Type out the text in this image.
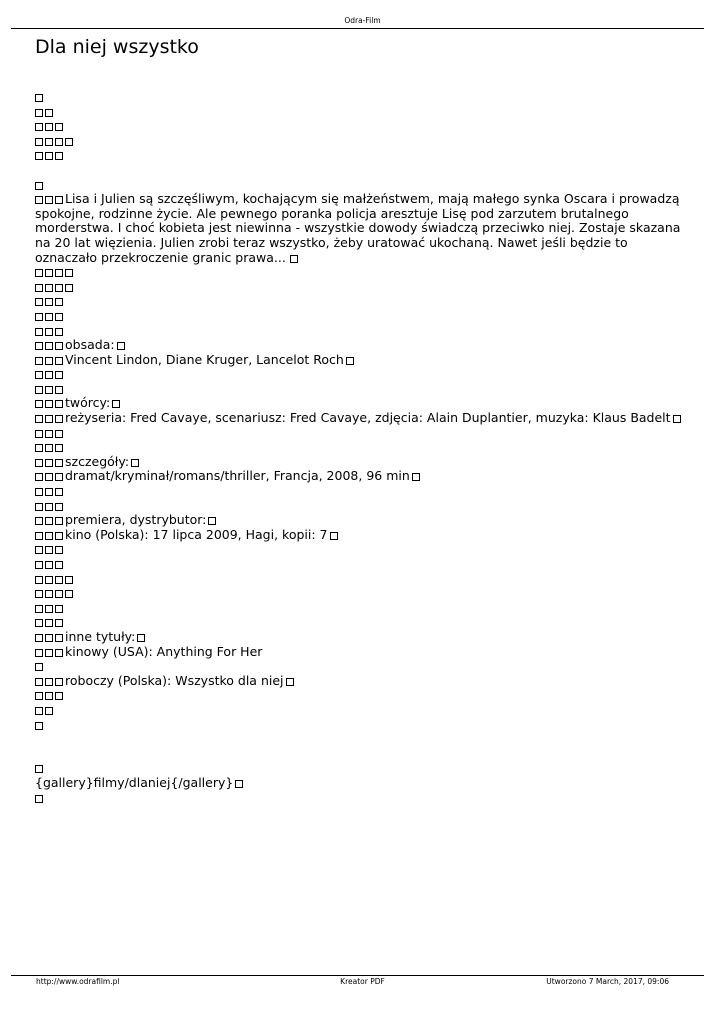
Odra-Film
Dla niej wszystko
Lisa i Julien są szczęśliwym, kochającym się małżeństwem, mają małego synka Oscara i prowadzą spokojne, rodzinne życie. Ale pewnego poranka policja aresztuje Lisę pod zarzutem brutalnego morderstwa. I choć kobieta jest niewinna - wszystkie dowody świadczą przeciwko niej. Zostaje skazana na 20 lat więzienia. Julien zrobi teraz wszystko, żeby uratować ukochaną. Nawet jeśli będzie to oznaczało przekroczenie granic prawa...
obsada:
Vincent Lindon, Diane Kruger, Lancelot Roch
twórcy:
reżyseria: Fred Cavaye, scenariusz: Fred Cavaye, zdjęcia: Alain Duplantier, muzyka: Klaus Badelt
szczegóły:
dramat/kryminał/romans/thriller, Francja, 2008, 96 min
premiera, dystrybutor:
kino (Polska): 17 lipca 2009, Hagi, kopii: 7
inne tytuły:
kinowy (USA): Anything For Her
roboczy (Polska): Wszystko dla niej
{gallery}filmy/dlaniej{/gallery}
http://www.odrafilm.pl	Kreator PDF	Utworzono 7 March, 2017, 09:06
